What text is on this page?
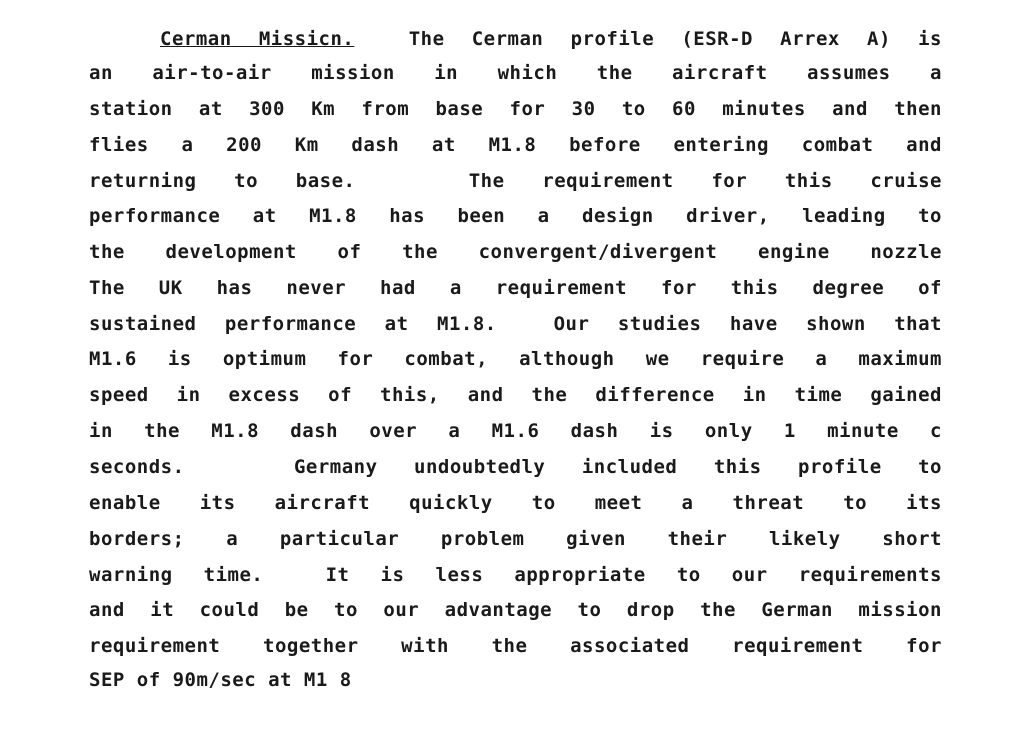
Cerman Missicn.	The Cerman profile (ESR-D Arrex A) is
an air-to-air mission in which the aircraft assumes a
station at 300 Km from base for 30 to 60 minutes and then
flies a 200 Km dash at M1.8 before entering combat and
returning to base.   The requirement for this cruise
performance at M1.8 has been a design driver, leading to
the development of the convergent/divergent engine nozzle
The UK has never had a requirement for this degree of
sustained performance at M1.8.  Our studies have shown that
M1.6 is optimum for combat, although we require a maximum
speed in excess of this, and the difference in time gained
in the M1.8 dash over a M1.6 dash is only 1 minute c
seconds.   Germany undoubtedly included this profile to
enable its aircraft quickly to meet a threat to its
borders; a particular problem given their likely short
warning time.  It is less appropriate to our requirements
and it could be to our advantage to drop the German mission
requirement together with the associated requirement for
SEP of 90m/sec at M1 8
